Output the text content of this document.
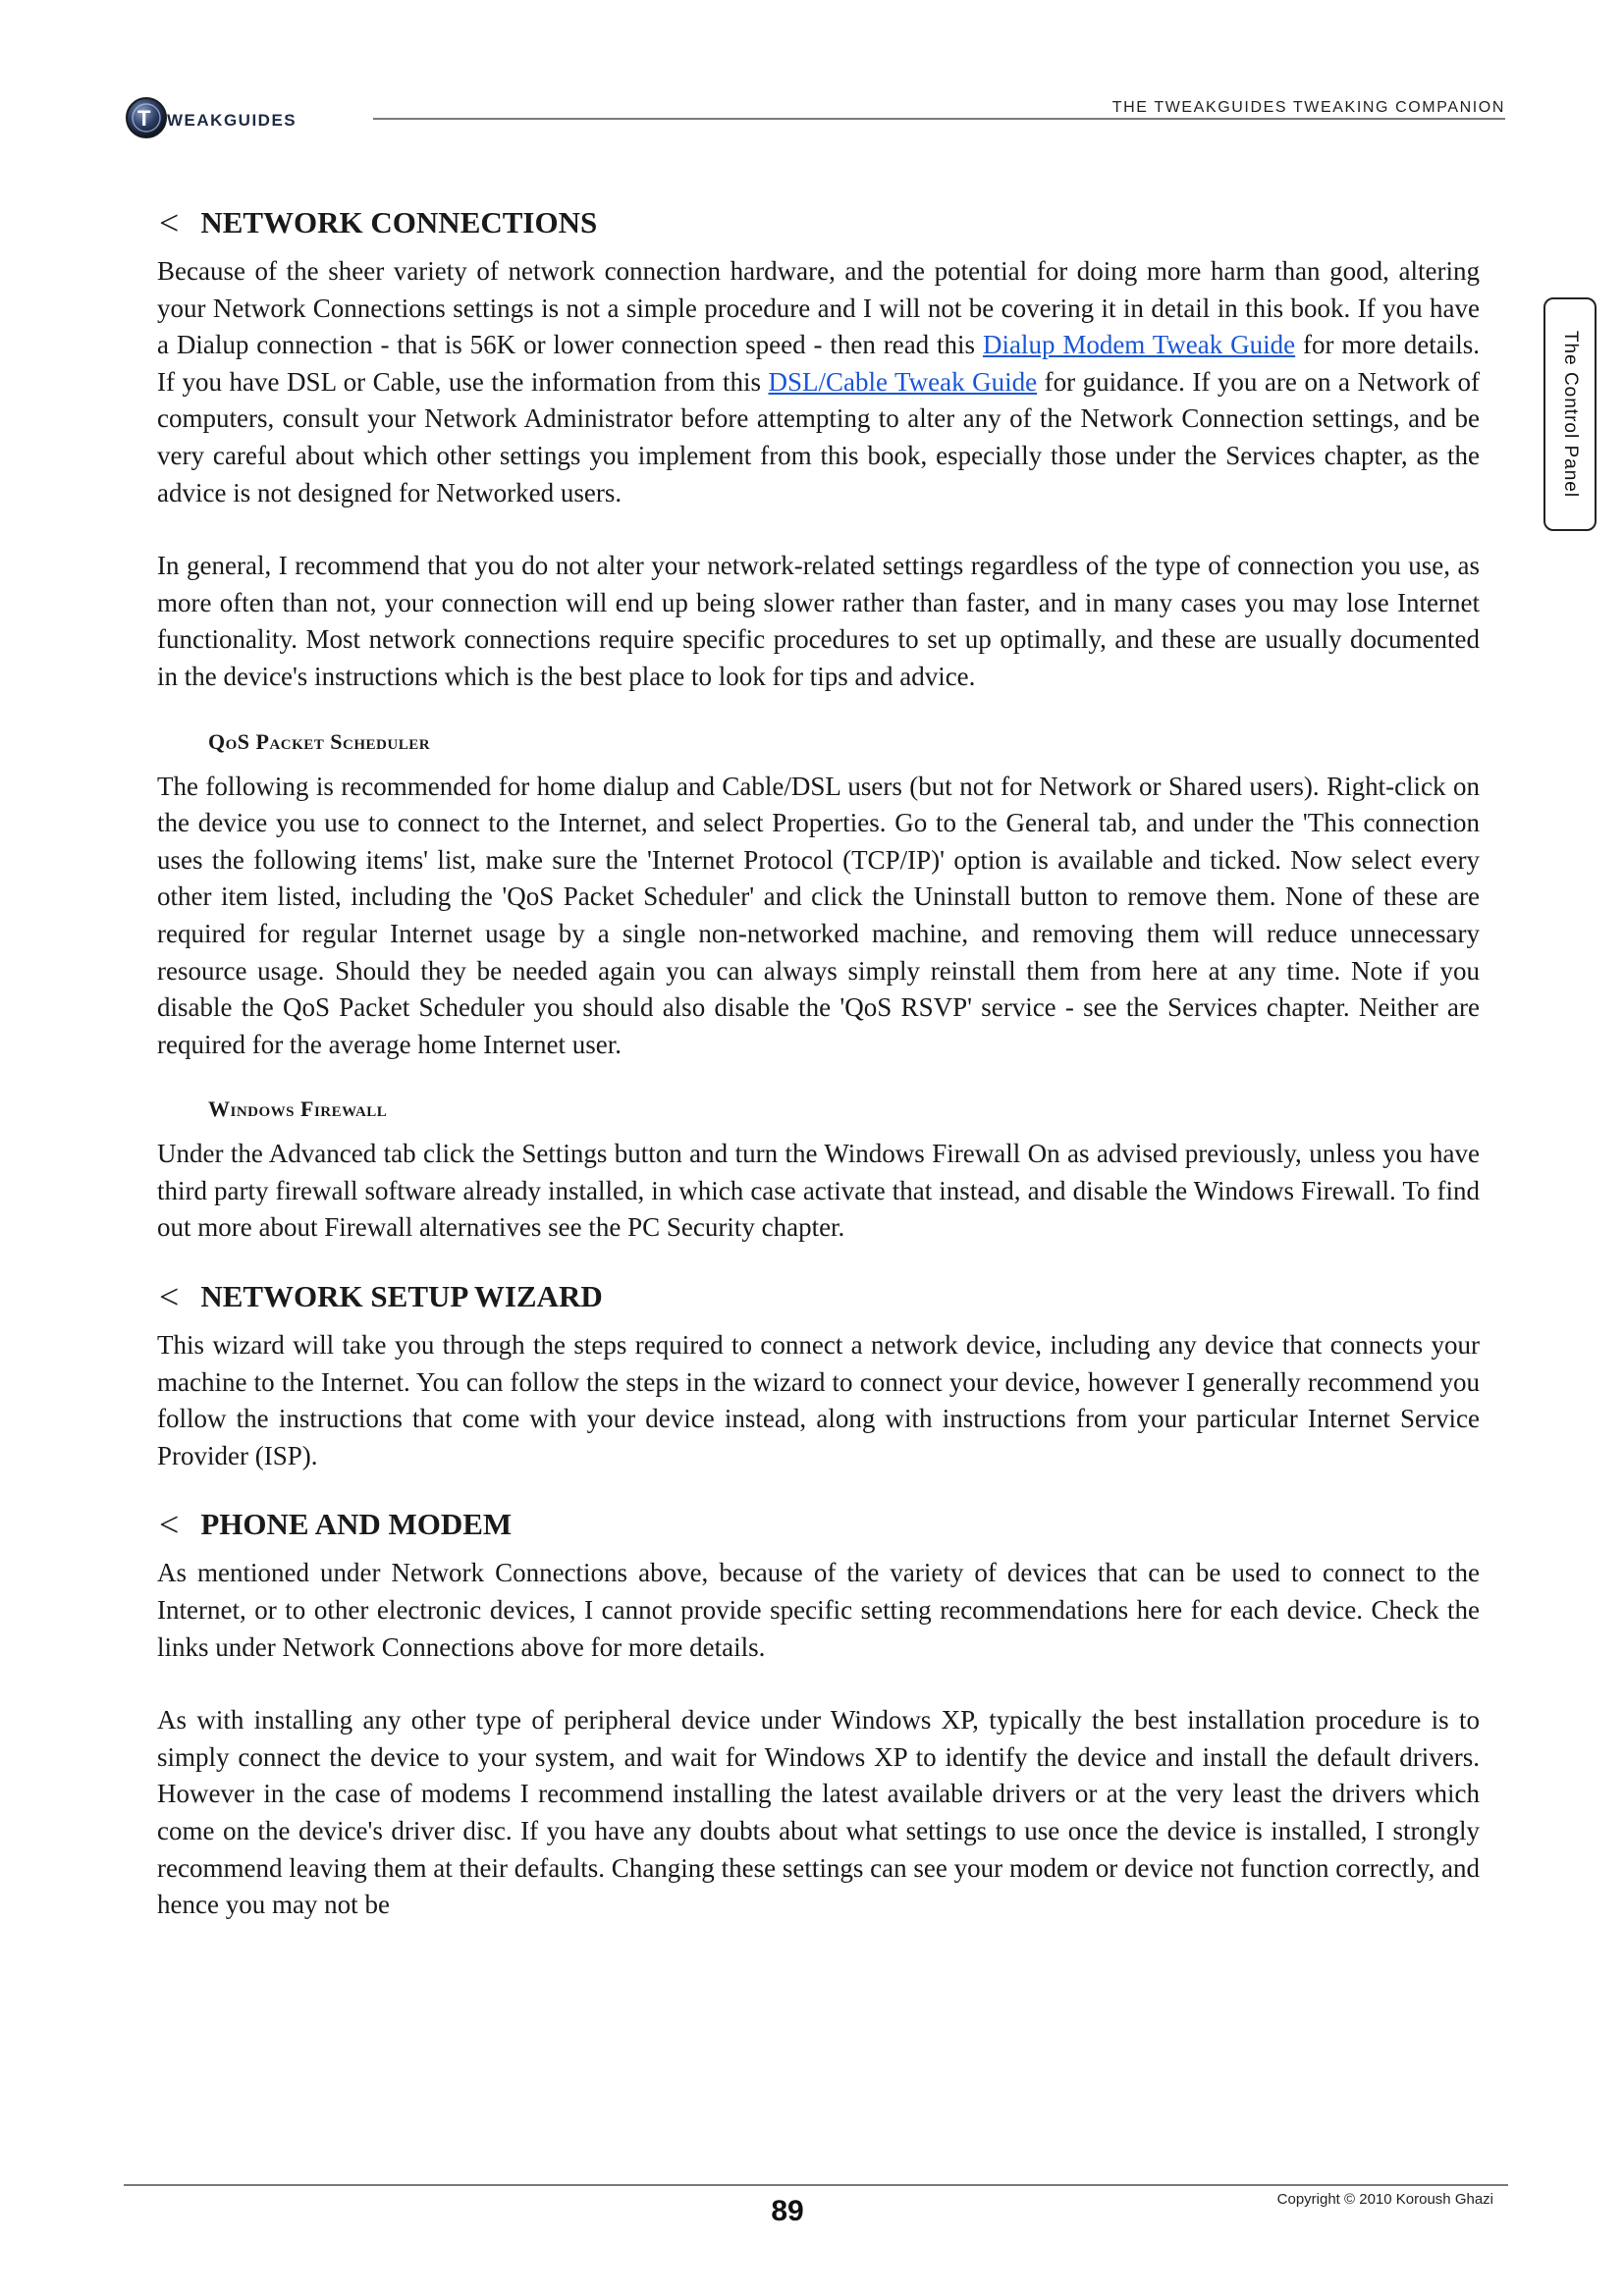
T WEAKGUIDES
THE TWEAKGUIDES TWEAKING COMPANION
The Control Panel
< NETWORK CONNECTIONS

Because of the sheer variety of network connection hardware, and the potential for doing more harm than good, altering your Network Connections settings is not a simple procedure and I will not be covering it in detail in this book. If you have a Dialup connection - that is 56K or lower connection speed - then read this Dialup Modem Tweak Guide for more details. If you have DSL or Cable, use the information from this DSL/Cable Tweak Guide for guidance. If you are on a Network of computers, consult your Network Administrator before attempting to alter any of the Network Connection settings, and be very careful about which other settings you implement from this book, especially those under the Services chapter, as the advice is not designed for Networked users.

In general, I recommend that you do not alter your network-related settings regardless of the type of connection you use, as more often than not, your connection will end up being slower rather than faster, and in many cases you may lose Internet functionality. Most network connections require specific procedures to set up optimally, and these are usually documented in the device's instructions which is the best place to look for tips and advice.

QoS Packet Scheduler

The following is recommended for home dialup and Cable/DSL users (but not for Network or Shared users). Right-click on the device you use to connect to the Internet, and select Properties. Go to the General tab, and under the 'This connection uses the following items' list, make sure the 'Internet Protocol (TCP/IP)' option is available and ticked. Now select every other item listed, including the 'QoS Packet Scheduler' and click the Uninstall button to remove them. None of these are required for regular Internet usage by a single non-networked machine, and removing them will reduce unnecessary resource usage. Should they be needed again you can always simply reinstall them from here at any time. Note if you disable the QoS Packet Scheduler you should also disable the 'QoS RSVP' service - see the Services chapter. Neither are required for the average home Internet user.

Windows Firewall

Under the Advanced tab click the Settings button and turn the Windows Firewall On as advised previously, unless you have third party firewall software already installed, in which case activate that instead, and disable the Windows Firewall. To find out more about Firewall alternatives see the PC Security chapter.

< NETWORK SETUP WIZARD

This wizard will take you through the steps required to connect a network device, including any device that connects your machine to the Internet. You can follow the steps in the wizard to connect your device, however I generally recommend you follow the instructions that come with your device instead, along with instructions from your particular Internet Service Provider (ISP).

< PHONE AND MODEM

As mentioned under Network Connections above, because of the variety of devices that can be used to connect to the Internet, or to other electronic devices, I cannot provide specific setting recommendations here for each device. Check the links under Network Connections above for more details.

As with installing any other type of peripheral device under Windows XP, typically the best installation procedure is to simply connect the device to your system, and wait for Windows XP to identify the device and install the default drivers. However in the case of modems I recommend installing the latest available drivers or at the very least the drivers which come on the device's driver disc. If you have any doubts about what settings to use once the device is installed, I strongly recommend leaving them at their defaults. Changing these settings can see your modem or device not function correctly, and hence you may not be

89	Copyright © 2010 Koroush Ghazi
